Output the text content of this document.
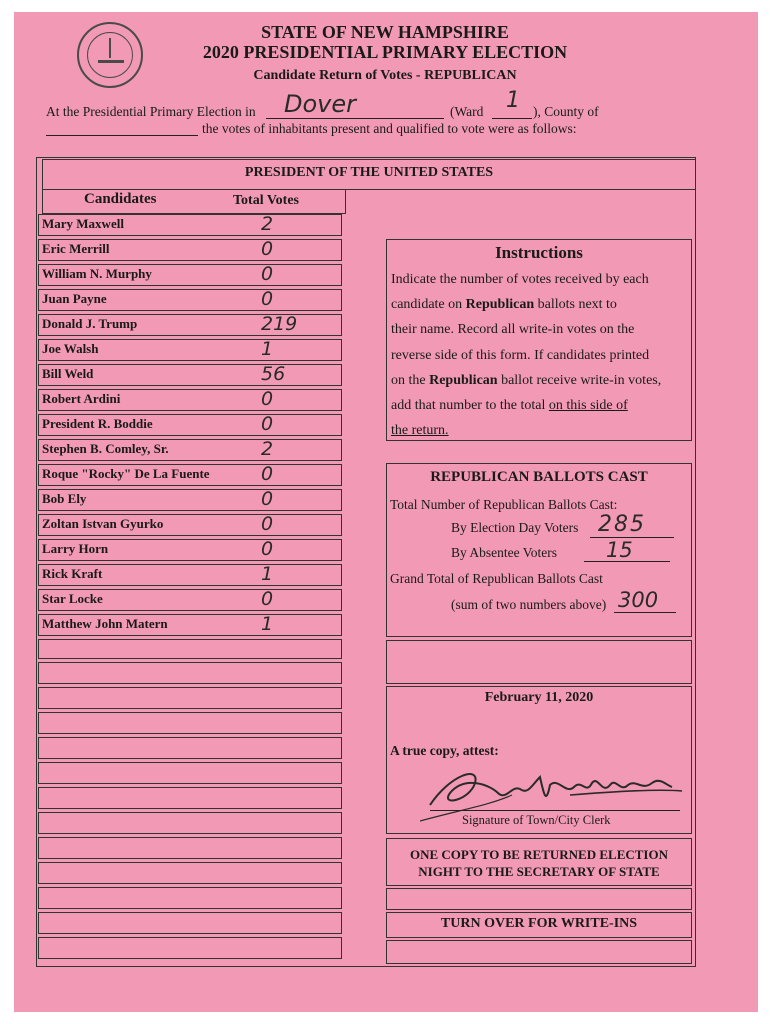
STATE OF NEW HAMPSHIRE
2020 PRESIDENTIAL PRIMARY ELECTION
Candidate Return of Votes - REPUBLICAN
At the Presidential Primary Election in Dover	(Ward 1 ), County of
the votes of inhabitants present and qualified to vote were as follows:
PRESIDENT OF THE UNITED STATES
Candidates	Total Votes
Mary Maxwell	2
Eric Merrill	0
William N. Murphy	0
Juan Payne	0
Donald J. Trump	219
Joe Walsh	1
Bill Weld	56
Robert Ardini	0
President R. Boddie	0
Stephen B. Comley, Sr.	2
Roque "Rocky" De La Fuente	0
Bob Ely	0
Zoltan Istvan Gyurko	0
Larry Horn	0
Rick Kraft	1
Star Locke	0
Matthew John Matern	1
Instructions
Indicate the number of votes received by each
candidate on Republican ballots next to
their name. Record all write-in votes on the
reverse side of this form. If candidates printed
on the Republican ballot receive write-in votes,
add that number to the total on this side of
the return.
REPUBLICAN BALLOTS CAST
Total Number of Republican Ballots Cast:
By Election Day Voters 285
By Absentee Voters 15
Grand Total of Republican Ballots Cast
(sum of two numbers above) 300
February 11, 2020
A true copy, attest:
Signature of Town/City Clerk
ONE COPY TO BE RETURNED ELECTION
NIGHT TO THE SECRETARY OF STATE
TURN OVER FOR WRITE-INS
